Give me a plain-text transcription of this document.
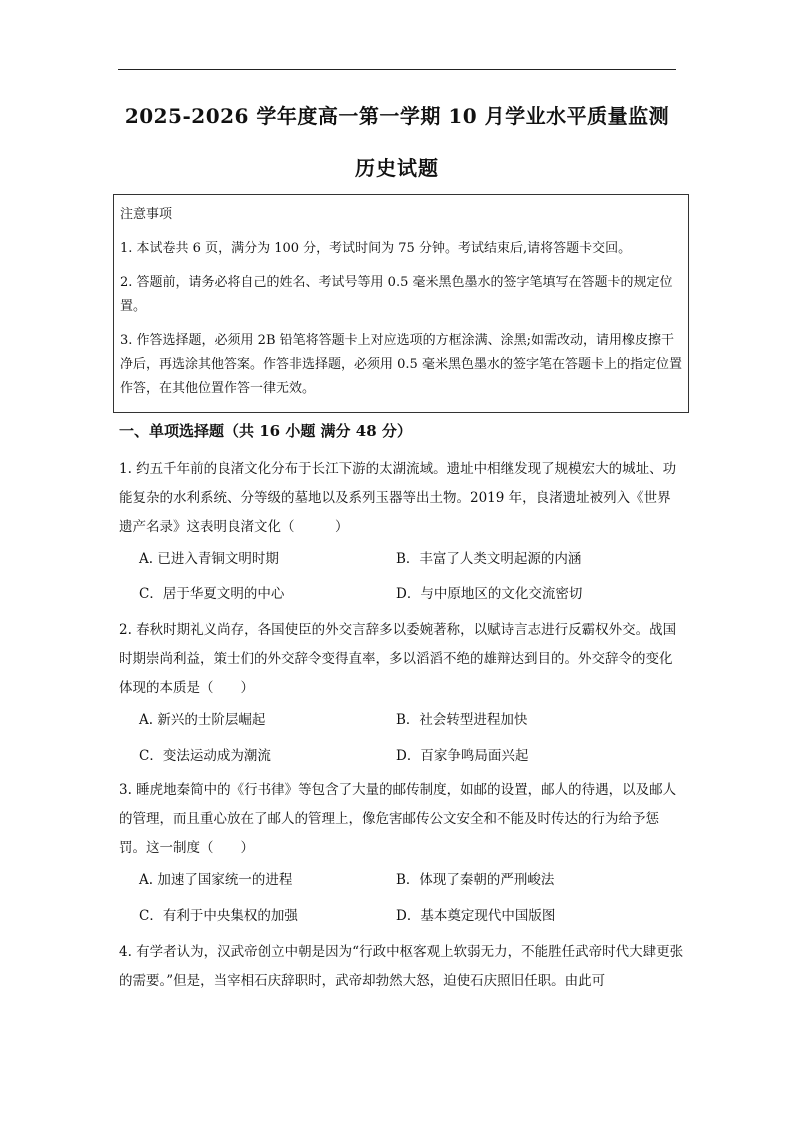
2025-2026 学年度高一第一学期 10 月学业水平质量监测
历史试题

注意事项

1. 本试卷共 6 页，满分为 100 分，考试时间为 75 分钟。考试结束后,请将答题卡交回。

2. 答题前，请务必将自己的姓名、考试号等用 0.5 毫米黑色墨水的签字笔填写在答题卡的规定位置。

3. 作答选择题，必须用 2B 铅笔将答题卡上对应选项的方框涂满、涂黑;如需改动，请用橡皮擦干净后，再选涂其他答案。作答非选择题，必须用 0.5 毫米黑色墨水的签字笔在答题卡上的指定位置作答，在其他位置作答一律无效。

一、单项选择题（共 16 小题 满分 48 分）
1. 约五千年前的良渚文化分布于长江下游的太湖流域。遗址中相继发现了规模宏大的城址、功能复杂的水利系统、分等级的墓地以及系列玉器等出土物。2019 年，良渚遗址被列入《世界遗产名录》这表明良渚文化（　　　）
A. 已进入青铜文明时期	B．丰富了人类文明起源的内涵
C．居于华夏文明的中心	D．与中原地区的文化交流密切
2. 春秋时期礼义尚存，各国使臣的外交言辞多以委婉著称，以赋诗言志进行反霸权外交。战国时期崇尚利益，策士们的外交辞令变得直率，多以滔滔不绝的雄辩达到目的。外交辞令的变化体现的本质是（　　）
A. 新兴的士阶层崛起	B．社会转型进程加快
C．变法运动成为潮流	D．百家争鸣局面兴起
3. 睡虎地秦简中的《行书律》等包含了大量的邮传制度，如邮的设置，邮人的待遇，以及邮人的管理，而且重心放在了邮人的管理上，像危害邮传公文安全和不能及时传达的行为给予惩罚。这一制度（　　）
A. 加速了国家统一的进程	B．体现了秦朝的严刑峻法
C．有利于中央集权的加强	D．基本奠定现代中国版图
4. 有学者认为，汉武帝创立中朝是因为“行政中枢客观上软弱无力，不能胜任武帝时代大肆更张的需要。”但是，当宰相石庆辞职时，武帝却勃然大怒，迫使石庆照旧任职。由此可
